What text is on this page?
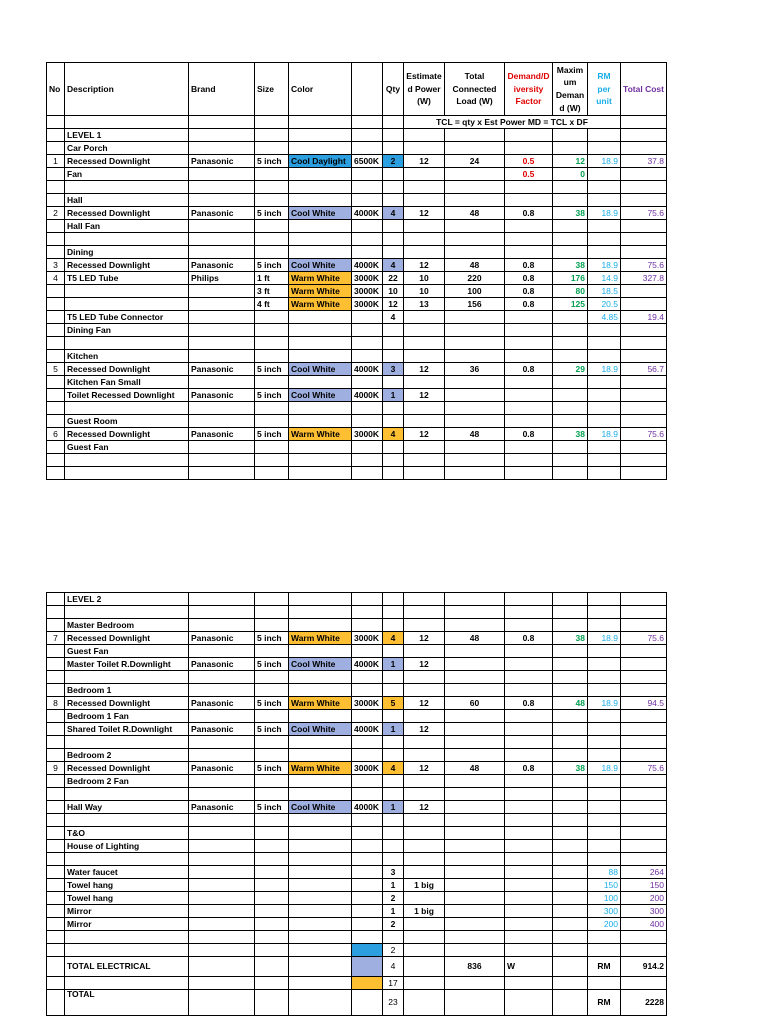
No	Description	Brand	Size	Color		Qty	Estimate d Power (W)	Total Connected Load (W)	Demand/D iversity Factor	Maxim um Deman d (W)	RM per unit	Total Cost
							TCL = qty x Est Power MD = TCL x DF					
	LEVEL 1											
	Car Porch											
1	Recessed Downlight	Panasonic	5 inch	Cool Daylight	6500K	2	12	24	0.5	12	18.9	37.8
	Fan								0.5	0		

	Hall											
2	Recessed Downlight	Panasonic	5 inch	Cool White	4000K	4	12	48	0.8	38	18.9	75.6
	Hall Fan											

	Dining											
3	Recessed Downlight	Panasonic	5 inch	Cool White	4000K	4	12	48	0.8	38	18.9	75.6
4	T5 LED Tube	Philips	1 ft	Warm White	3000K	22	10	220	0.8	176	14.9	327.8
			3 ft	Warm White	3000K	10	10	100	0.8	80	18.5	
			4 ft	Warm White	3000K	12	13	156	0.8	125	20.5	
	T5 LED Tube Connector					4					4.85	19.4
	Dining Fan											

	Kitchen											
5	Recessed Downlight	Panasonic	5 inch	Cool White	4000K	3	12	36	0.8	29	18.9	56.7
	Kitchen Fan Small											
	Toilet Recessed Downlight	Panasonic	5 inch	Cool White	4000K	1	12					

	Guest Room											
6	Recessed Downlight	Panasonic	5 inch	Warm White	3000K	4	12	48	0.8	38	18.9	75.6
	Guest Fan											

	LEVEL 2											

	Master Bedroom											
7	Recessed Downlight	Panasonic	5 inch	Warm White	3000K	4	12	48	0.8	38	18.9	75.6
	Guest Fan											
	Master Toilet R.Downlight	Panasonic	5 inch	Cool White	4000K	1	12					

	Bedroom 1											
8	Recessed Downlight	Panasonic	5 inch	Warm White	3000K	5	12	60	0.8	48	18.9	94.5
	Bedroom 1 Fan											
	Shared Toilet R.Downlight	Panasonic	5 inch	Cool White	4000K	1	12					

	Bedroom 2											
9	Recessed Downlight	Panasonic	5 inch	Warm White	3000K	4	12	48	0.8	38	18.9	75.6
	Bedroom 2 Fan											

	Hall Way	Panasonic	5 inch	Cool White	4000K	1	12					

	T&O											
	House of Lighting											

	Water faucet					3					88	264
	Towel hang					1	1 big				150	150
	Towel hang					2					100	200
	Mirror					1	1 big				300	300
	Mirror					2					200	400

						2						
	TOTAL ELECTRICAL					4		836	W		RM	914.2
						17						
	TOTAL					23					RM	2228
